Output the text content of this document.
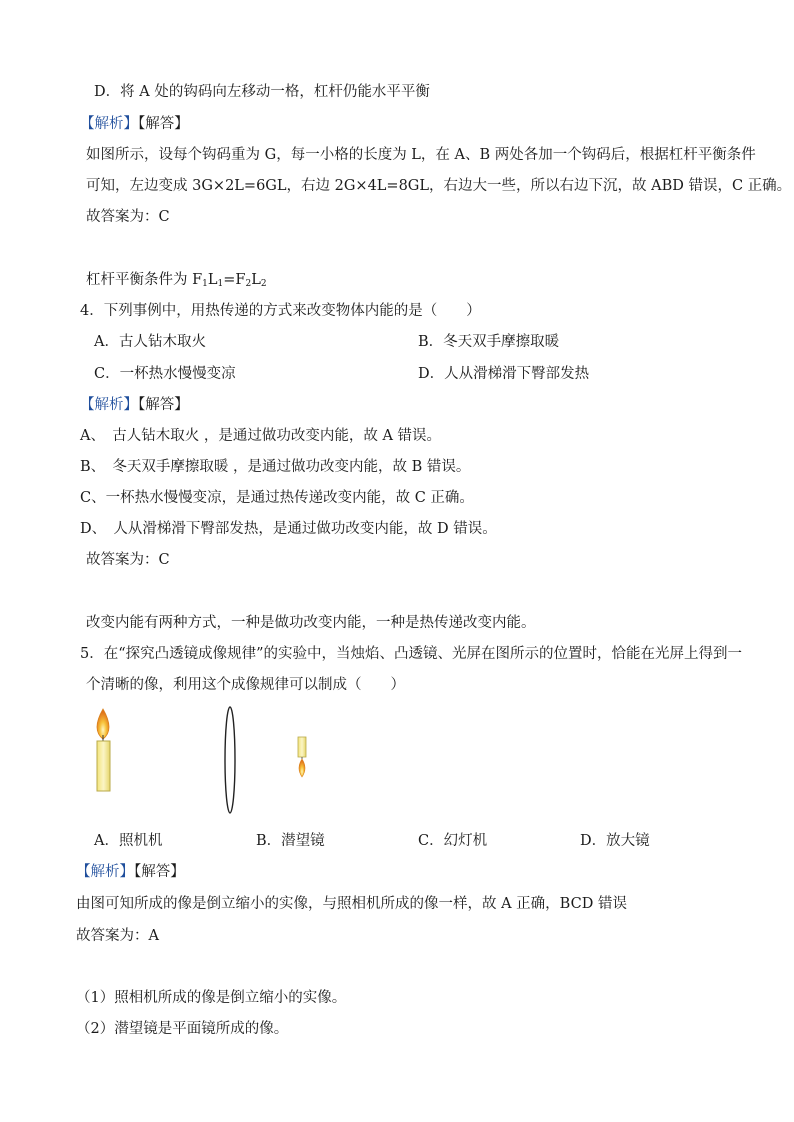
D．将 A 处的钩码向左移动一格，杠杆仍能水平平衡
【解析】【解答】
如图所示，设每个钩码重为 G，每一小格的长度为 L，在 A、B 两处各加一个钩码后，根据杠杆平衡条件
可知，左边变成 3G×2L=6GL，右边 2G×4L=8GL，右边大一些，所以右边下沉，故 ABD 错误，C 正确。
故答案为：C
杠杆平衡条件为 $F_1L_1=F_2L_2$
4．下列事例中，用热传递的方式来改变物体内能的是（　　）
A．古人钻木取火	B．冬天双手摩擦取暖
C．一杯热水慢慢变凉	D．人从滑梯滑下臀部发热
【解析】【解答】
A、　古人钻木取火 ，是通过做功改变内能，故 A 错误。
B、　冬天双手摩擦取暖 ，是通过做功改变内能，故 B 错误。
C、一杯热水慢慢变凉，是通过热传递改变内能，故 C 正确。
D、　人从滑梯滑下臀部发热，是通过做功改变内能，故 D 错误。
故答案为：C
改变内能有两种方式，一种是做功改变内能，一种是热传递改变内能。
5．在“探究凸透镜成像规律”的实验中，当烛焰、凸透镜、光屏在图所示的位置时，恰能在光屏上得到一
个清晰的像，利用这个成像规律可以制成（　　）
A．照机机	B．潜望镜	C．幻灯机	D．放大镜
【解析】【解答】
由图可知所成的像是倒立缩小的实像，与照相机所成的像一样，故 A 正确，BCD 错误
故答案为：A
（1）照相机所成的像是倒立缩小的实像。
（2）潜望镜是平面镜所成的像。
